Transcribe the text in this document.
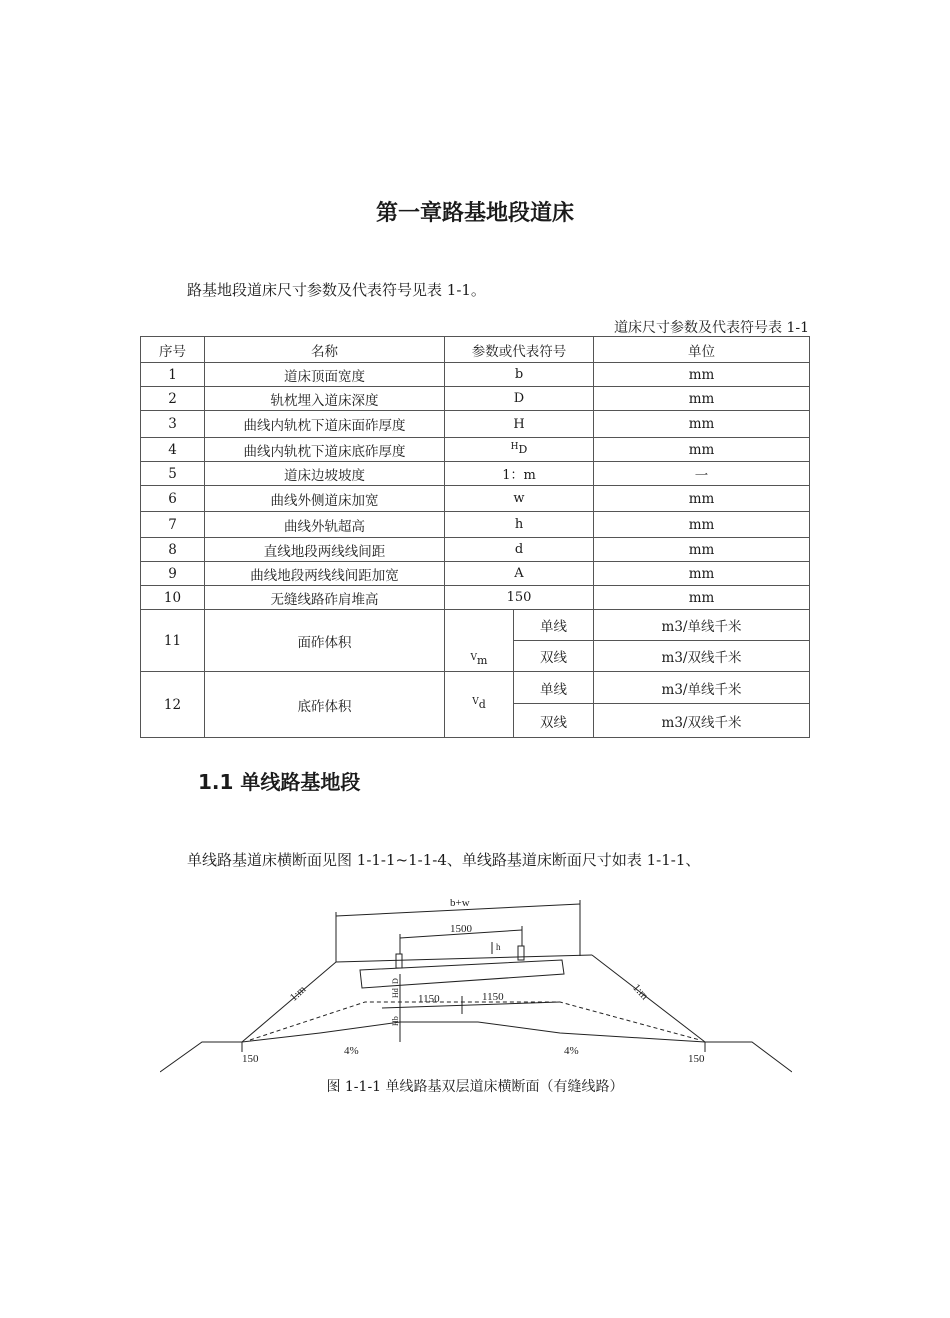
第一章路基地段道床
路基地段道床尺寸参数及代表符号见表 1-1。
道床尺寸参数及代表符号表 1-1
序号	名称	参数或代表符号		单位
1	道床顶面宽度	b		mm
2	轨枕埋入道床深度	D		mm
3	曲线内轨枕下道床面砟厚度	H		mm
4	曲线内轨枕下道床底砟厚度	$^H$D		mm
5	道床边坡坡度	1：m		一
6	曲线外侧道床加宽	w		mm
7	曲线外轨超高	h		mm
8	直线地段两线线间距	d		mm
9	曲线地段两线线间距加宽	A		mm
10	无缝线路砟肩堆高	150		mm
11	面砟体积	$^V$m	单线	m3/单线千米
			双线	m3/双线千米
12	底砟体积	$^V$d	单线	m3/单线千米
			双线	m3/双线千米
1.1 单线路基地段
单线路基道床横断面见图 1-1-1~1-1-4、单线路基道床断面尺寸如表 1-1-1、
b+w
1500
h
1150	1150
1:m	1:m
4%	4%
150	150
Hd
D
Hb
图 1-1-1 单线路基双层道床横断面（有缝线路）
